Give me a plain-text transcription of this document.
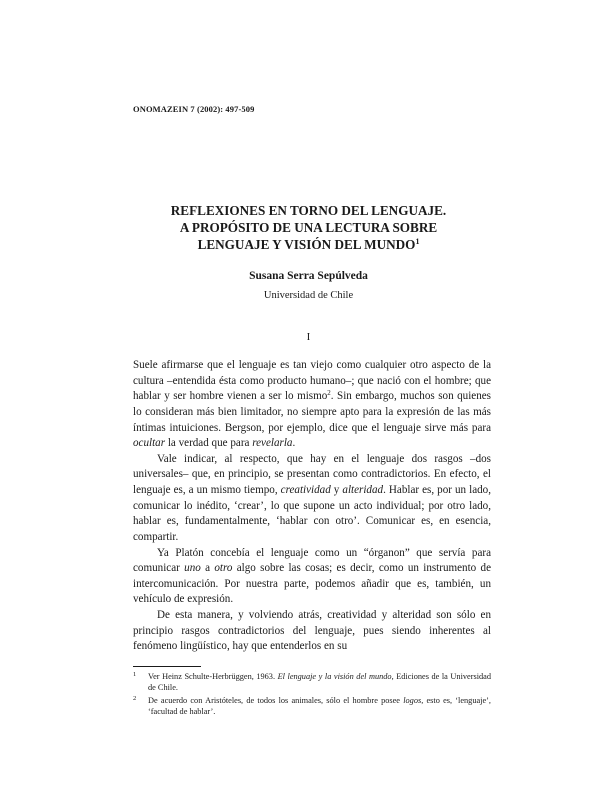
ONOMAZEIN 7 (2002): 497-509
REFLEXIONES EN TORNO DEL LENGUAJE.
A PROPÓSITO DE UNA LECTURA SOBRE
LENGUAJE Y VISIÓN DEL MUNDO$^1$
Susana Serra Sepúlveda
Universidad de Chile
I

Suele afirmarse que el lenguaje es tan viejo como cualquier otro aspecto de la cultura –entendida ésta como producto humano–; que nació con el hombre; que hablar y ser hombre vienen a ser lo mismo$^2$. Sin embargo, muchos son quienes lo consideran más bien limitador, no siempre apto para la expresión de las más íntimas intuiciones. Bergson, por ejemplo, dice que el lenguaje sirve más para ocultar la verdad que para revelarla.

Vale indicar, al respecto, que hay en el lenguaje dos rasgos –dos universales– que, en principio, se presentan como contradictorios. En efecto, el lenguaje es, a un mismo tiempo, creatividad y alteridad. Hablar es, por un lado, comunicar lo inédito, ‘crear’, lo que supone un acto individual; por otro lado, hablar es, fundamentalmente, ‘hablar con otro’. Comunicar es, en esencia, compartir.

Ya Platón concebía el lenguaje como un “órganon” que servía para comunicar uno a otro algo sobre las cosas; es decir, como un instrumento de intercomunicación. Por nuestra parte, podemos añadir que es, también, un vehículo de expresión.

De esta manera, y volviendo atrás, creatividad y alteridad son sólo en principio rasgos contradictorios del lenguaje, pues siendo inherentes al fenómeno lingüístico, hay que entenderlos en su

1 Ver Heinz Schulte-Herbrüggen, 1963. El lenguaje y la visión del mundo, Ediciones de la Universidad de Chile.
2 De acuerdo con Aristóteles, de todos los animales, sólo el hombre posee logos, esto es, ‘lenguaje’, ‘facultad de hablar’.
